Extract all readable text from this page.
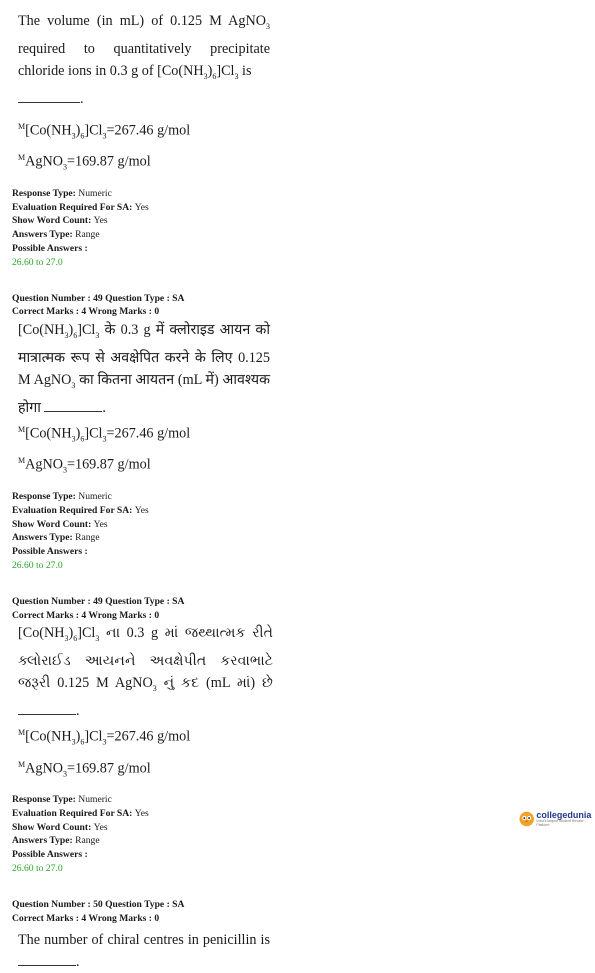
The volume (in mL) of 0.125 M AgNO$_3$ required to quantitatively precipitate chloride ions in 0.3 g of $[Co(NH_3)_6]Cl_3$ is
.

$^M[Co(NH_3)_6]Cl_3=267.46$ g/mol
$^M$AgNO$_3$=169.87 g/mol
Response Type: Numeric
Evaluation Required For SA: Yes
Show Word Count: Yes
Answers Type: Range
Possible Answers :
26.60 to 27.0
Question Number : 49 Question Type : SA
Correct Marks : 4 Wrong Marks : 0

$[Co(NH_3)_6]Cl_3$ के 0.3 g में क्लोराइड आयन को मात्रात्मक रूप से अवक्षेपित करने के लिए 0.125 M AgNO$_3$ का कितना आयतन (mL में) आवश्यक होगा	.

$^M[Co(NH_3)_6]Cl_3=267.46$ g/mol
$^M$AgNO$_3$=169.87 g/mol
Response Type: Numeric
Evaluation Required For SA: Yes
Show Word Count: Yes
Answers Type: Range
Possible Answers :
26.60 to 27.0
Question Number : 49 Question Type : SA
Correct Marks : 4 Wrong Marks : 0

$[Co(NH_3)_6]Cl_3$ ના 0.3 g માં જથ્થાત્મક રીતે ક્લોરાઈડ આયનને અવક્ષેપીત કરવાભાટે જરૂરી 0.125 M AgNO$_3$ નું કદ (mL માં) છે .

$^M[Co(NH_3)_6]Cl_3=267.46$ g/mol
$^M$AgNO$_3$=169.87 g/mol
Response Type: Numeric
Evaluation Required For SA: Yes
Show Word Count: Yes
Answers Type: Range
Possible Answers :
26.60 to 27.0
Question Number : 50 Question Type : SA
Correct Marks : 4 Wrong Marks : 0

The number of chiral centres in penicillin is .

collegedunia
India's largest Student Review Platform
